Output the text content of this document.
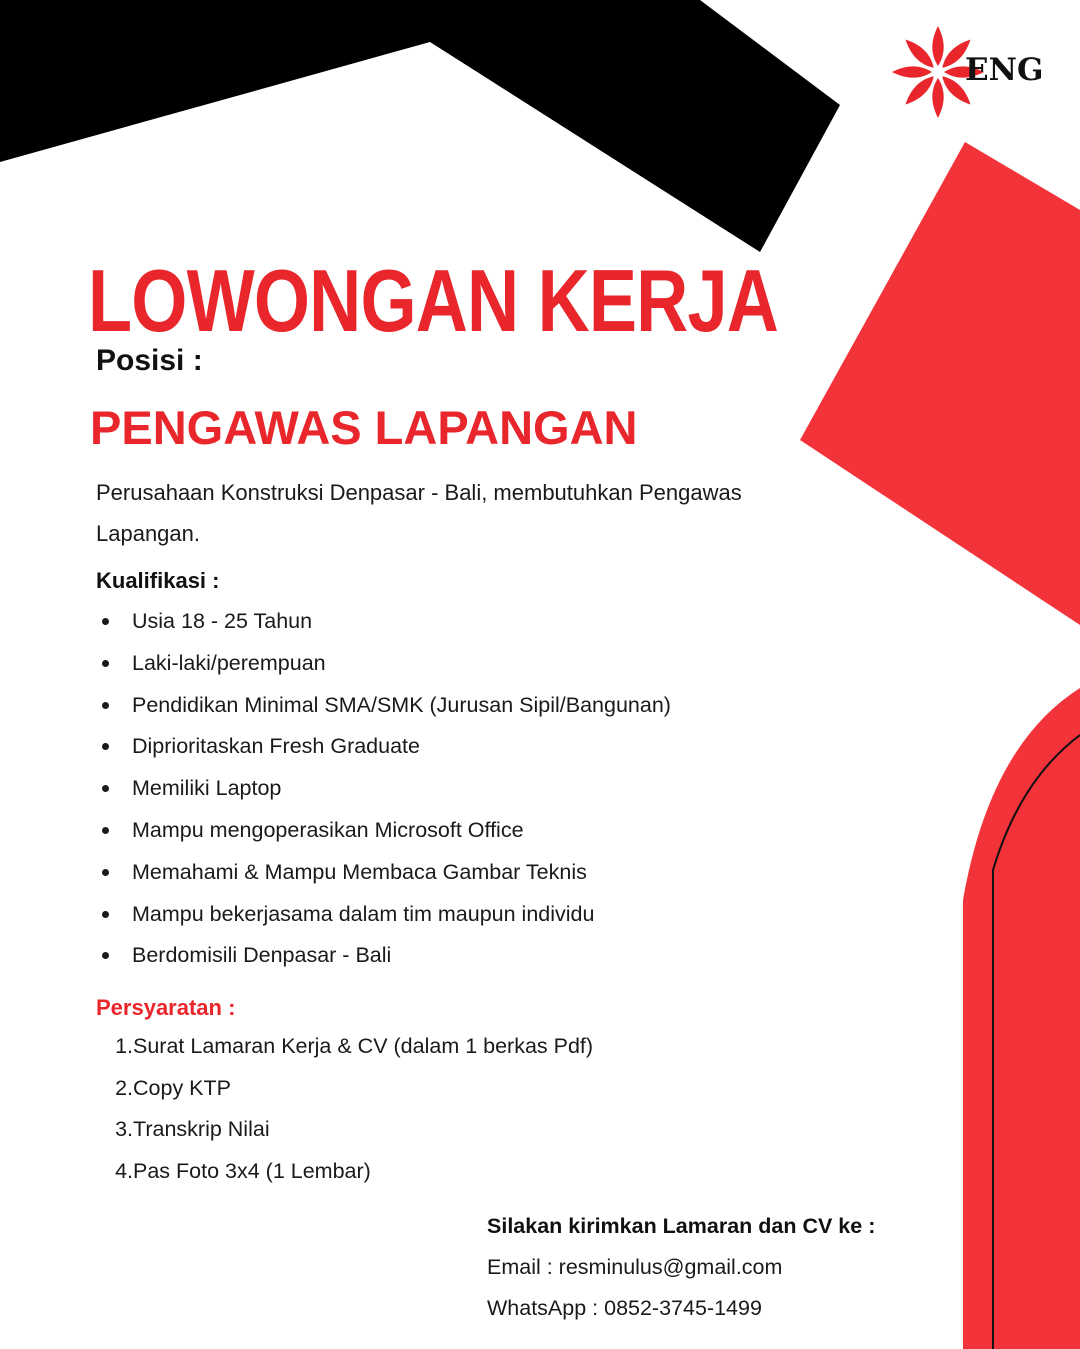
ENG
LOWONGAN KERJA
Posisi :
PENGAWAS LAPANGAN

Perusahaan Konstruksi Denpasar - Bali, membutuhkan Pengawas Lapangan.

Kualifikasi :
Usia 18 - 25 Tahun
Laki-laki/perempuan
Pendidikan Minimal SMA/SMK (Jurusan Sipil/Bangunan)
Diprioritaskan Fresh Graduate
Memiliki Laptop
Mampu mengoperasikan Microsoft Office
Memahami & Mampu Membaca Gambar Teknis
Mampu bekerjasama dalam tim maupun individu
Berdomisili Denpasar - Bali
Persyaratan :
1.Surat Lamaran Kerja & CV (dalam 1 berkas Pdf)
2.Copy KTP
3.Transkrip Nilai
4.Pas Foto 3x4 (1 Lembar)
Silakan kirimkan Lamaran dan CV ke :
Email : resminulus@gmail.com
WhatsApp : 0852-3745-1499
